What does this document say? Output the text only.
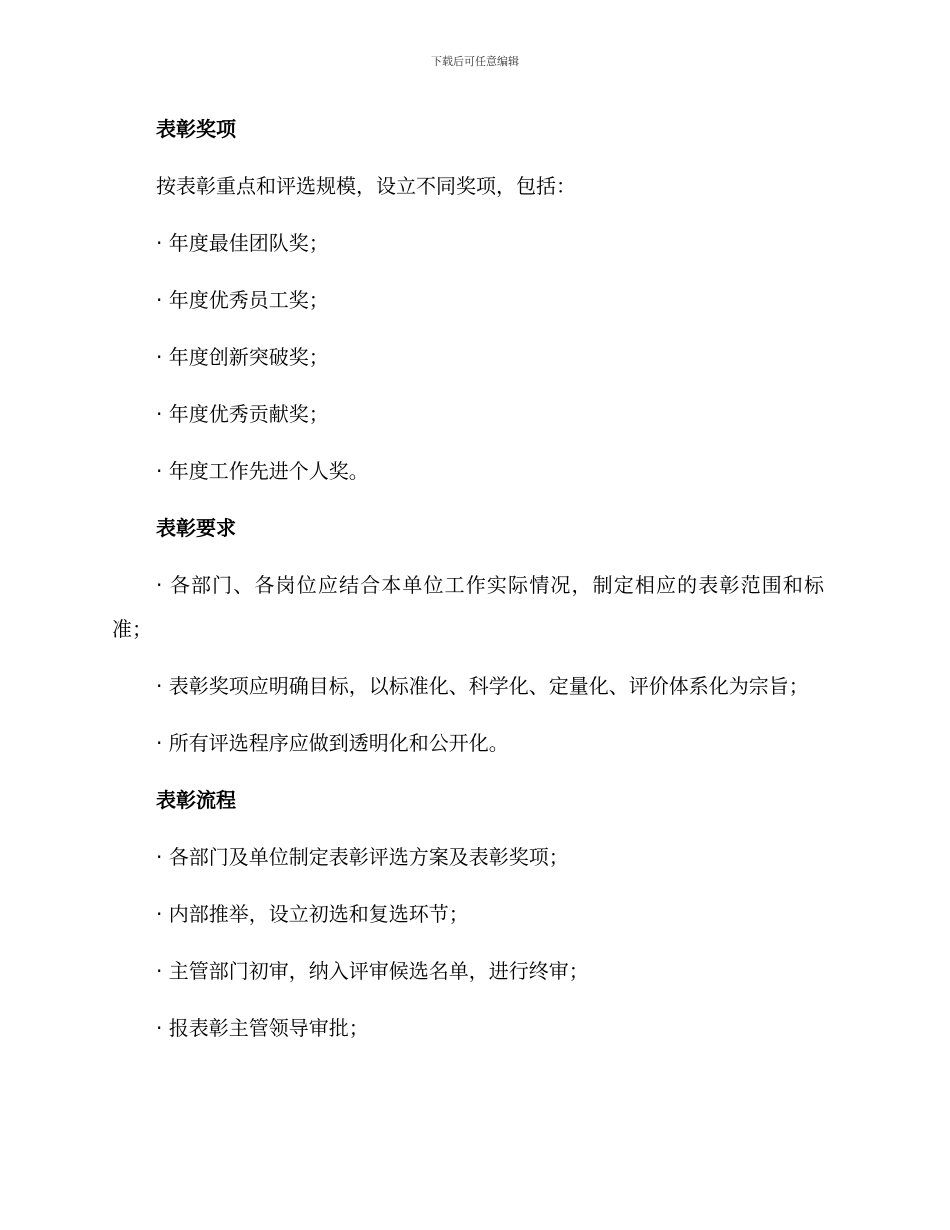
下载后可任意编辑
表彰奖项
按表彰重点和评选规模，设立不同奖项，包括：
· 年度最佳团队奖；
· 年度优秀员工奖；
· 年度创新突破奖；
· 年度优秀贡献奖；
· 年度工作先进个人奖。
表彰要求
· 各部门、各岗位应结合本单位工作实际情况，制定相应的表彰范围和标准；
· 表彰奖项应明确目标，以标准化、科学化、定量化、评价体系化为宗旨；
· 所有评选程序应做到透明化和公开化。
表彰流程
· 各部门及单位制定表彰评选方案及表彰奖项；
· 内部推举，设立初选和复选环节；
· 主管部门初审，纳入评审候选名单，进行终审；
· 报表彰主管领导审批；
